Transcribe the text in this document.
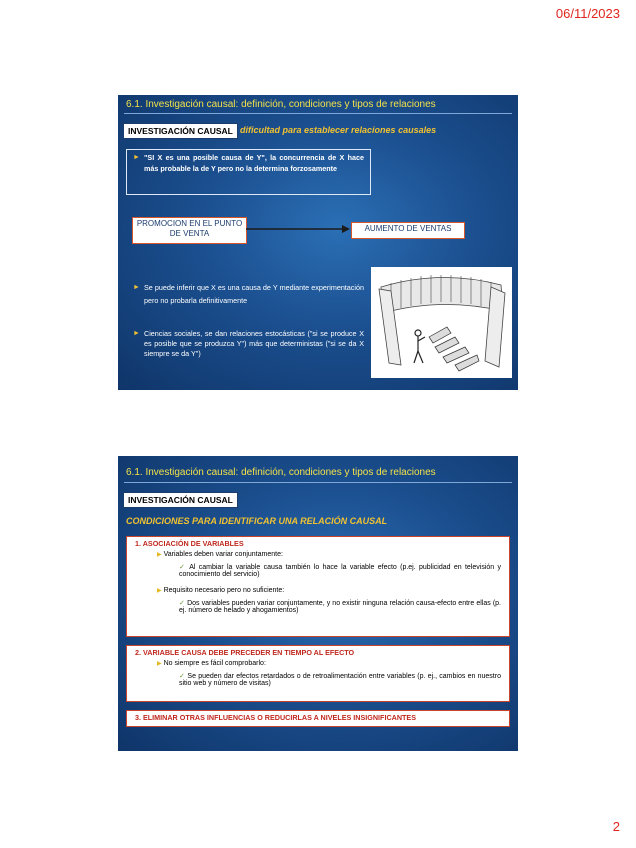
06/11/2023
6.1. Investigación causal: definición, condiciones y tipos de relaciones
INVESTIGACIÓN CAUSAL dificultad para establecer relaciones causales
► "SI X es una posible causa de Y", la concurrencia de X hace más probable la de Y pero no la determina forzosamente
PROMOCION EN EL PUNTO DE VENTA
AUMENTO DE VENTAS
► Se puede inferir que X es una causa de Y mediante experimentación pero no probarla definitivamente
► Ciencias sociales, se dan relaciones estocásticas ("si se produce X es posible que se produzca Y") más que deterministas ("si se da X siempre se da Y")
6.1. Investigación causal: definición, condiciones y tipos de relaciones
INVESTIGACIÓN CAUSAL
CONDICIONES PARA IDENTIFICAR UNA RELACIÓN CAUSAL
1. ASOCIACIÓN DE VARIABLES
▶ Variables deben variar conjuntamente:
✓ Al cambiar la variable causa también lo hace la variable efecto (p.ej. publicidad en televisión y conocimiento del servicio)
▶ Requisito necesario pero no suficiente:
✓ Dos variables pueden variar conjuntamente, y no existir ninguna relación causa-efecto entre ellas (p. ej. número de helado y ahogamientos)
2. VARIABLE CAUSA DEBE PRECEDER EN TIEMPO AL EFECTO
▶ No siempre es fácil comprobarlo:
✓ Se pueden dar efectos retardados o de retroalimentación entre variables (p. ej., cambios en nuestro sitio web y número de visitas)
3. ELIMINAR OTRAS INFLUENCIAS O REDUCIRLAS A NIVELES INSIGNIFICANTES
2
